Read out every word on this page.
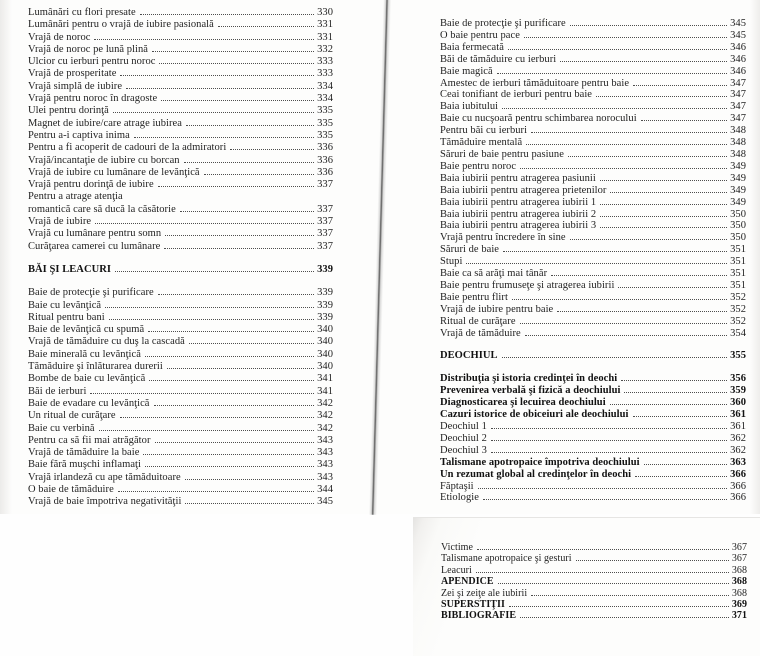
Lumânări cu flori presate	330
Lumânări pentru o vrajă de iubire pasională	331
Vrajă de noroc	331
Vrajă de noroc pe lună plină	332
Ulcior cu ierburi pentru noroc	333
Vrajă de prosperitate	333
Vrajă simplă de iubire	334
Vrajă pentru noroc în dragoste	334
Ulei pentru dorinţă	335
Magnet de iubire/care atrage iubirea	335
Pentru a-i captiva inima	335
Pentru a fi acoperit de cadouri de la admiratori	336
Vrajă/incantaţie de iubire cu borcan	336
Vrajă de iubire cu lumânare de levănţică	336
Vrajă pentru dorinţă de iubire	337
Pentru a atrage atenţia
romantică care să ducă la căsătorie	337
Vrajă de iubire	337
Vrajă cu lumânare pentru somn	337
Curăţarea camerei cu lumânare	337
BĂI ŞI LEACURI	339
Baie de protecţie şi purificare	339
Baie cu levănţică	339
Ritual pentru bani	339
Baie de levănţică cu spumă	340
Vrajă de tămăduire cu duş la cascadă	340
Baie minerală cu levănţică	340
Tămăduire şi înlăturarea durerii	340
Bombe de baie cu levănţică	341
Băi de ierburi	341
Baie de evadare cu levănţică	342
Un ritual de curăţare	342
Baie cu verbină	342
Pentru ca să fii mai atrăgător	343
Vrajă de tămăduire la baie	343
Baie fără muşchi inflamaţi	343
Vrajă irlandeză cu ape tămăduitoare	343
O baie de tămăduire	344
Vrajă de baie împotriva negativităţii	345
Baie de protecţie şi purificare	345
O baie pentru pace	345
Baia fermecată	346
Băi de tămăduire cu ierburi	346
Baie magică	346
Amestec de ierburi tămăduitoare pentru baie	347
Ceai tonifiant de ierburi pentru baie	347
Baia iubitului	347
Baie cu nucşoară pentru schimbarea norocului	347
Pentru băi cu ierburi	348
Tămăduire mentală	348
Săruri de baie pentru pasiune	348
Baie pentru noroc	349
Baia iubirii pentru atragerea pasiunii	349
Baia iubirii pentru atragerea prietenilor	349
Baia iubirii pentru atragerea iubirii 1	349
Baia iubirii pentru atragerea iubirii 2	350
Baia iubirii pentru atragerea iubirii 3	350
Vrajă pentru încredere în sine	350
Săruri de baie	351
Stupi	351
Baie ca să arăţi mai tânăr	351
Baie pentru frumuseţe şi atragerea iubirii	351
Baie pentru flirt	352
Vrajă de iubire pentru baie	352
Ritual de curăţare	352
Vrajă de tămăduire	354
DEOCHIUL	355
Distribuţia şi istoria credinţei în deochi	356
Prevenirea verbală şi fizică a deochiului	359
Diagnosticarea şi lecuirea deochiului	360
Cazuri istorice de obiceiuri ale deochiului	361
Deochiul 1	361
Deochiul 2	362
Deochiul 3	362
Talismane apotropaice împotriva deochiului	363
Un rezumat global al credinţelor în deochi	366
Făptaşii	366
Etiologie	366
Victime	367
Talismane apotropaice şi gesturi	367
Leacuri	368
APENDICE	368
Zei şi zeiţe ale iubirii	368
SUPERSTIŢII	369
BIBLIOGRAFIE	371
